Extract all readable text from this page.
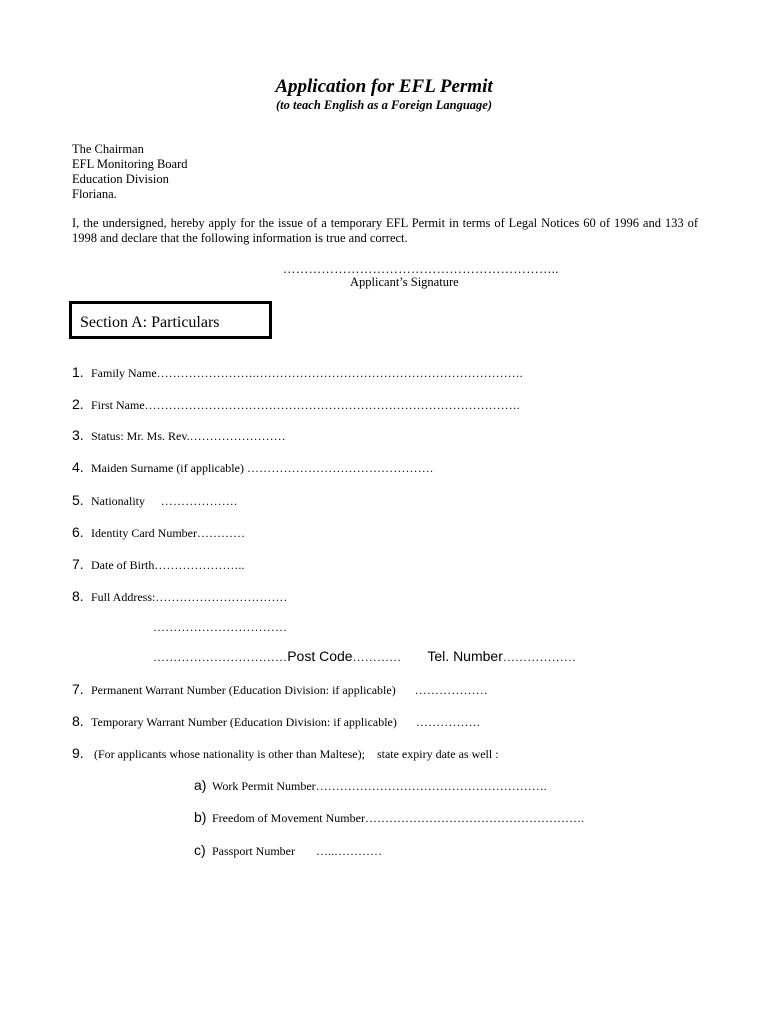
Application for EFL Permit
(to teach English as a Foreign Language)
The Chairman
EFL Monitoring Board
Education Division
Floriana.
I, the undersigned, hereby apply for the issue of a temporary EFL Permit in terms of Legal Notices 60 of 1996 and 133 of 1998 and declare that the following information is true and correct.
………………………………………………………..
Applicant’s Signature
Section A: Particulars
1. Family Name …………………….………………………………………………………….
2. First Name ………………………………………………………………………………….
3. Status: Mr. Ms. Rev. ……………………
4. Maiden Surname (if applicable) ……………………………………….
5. Nationality ……………….
6. Identity Card Number …………
7. Date of Birth …………………..
8. Full Address: ……………………………
……………………………
…………………………… Post Code ………… Tel. Number ………………
7. Permanent Warrant Number (Education Division: if applicable) ………………
8. Temporary Warrant Number (Education Division: if applicable) …………….
9. (For applicants whose nationality is other than Maltese);    state expiry date as well :
a) Work Permit Number ………………………………………………….
b) Freedom of Movement Number ……………………………………………….
c) Passport Number …..…………
